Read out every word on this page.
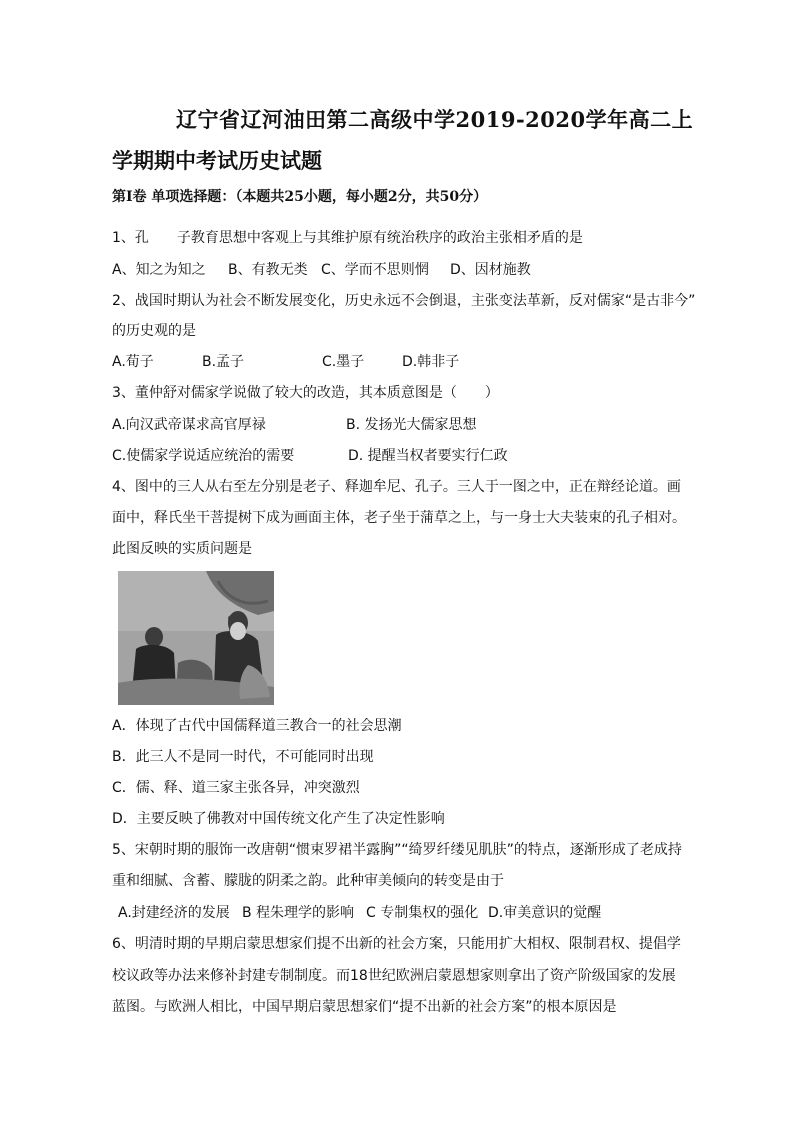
辽宁省辽河油田第二高级中学2019-2020学年高二上
学期期中考试历史试题
第Ⅰ卷 单项选择题：（本题共25小题，每小题2分，共50分）
1、孔　　子教育思想中客观上与其维护原有统治秩序的政治主张相矛盾的是
A、知之为知之 B、有教无类 C、学而不思则惘 D、因材施教
2、战国时期认为社会不断发展变化，历史永远不会倒退，主张变法革新，反对儒家“是古非今”
的历史观的是
A.荀子	B.孟子	C.墨子	D.韩非子
3、董仲舒对儒家学说做了较大的改造，其本质意图是（　　）
A.向汉武帝谋求高官厚禄	B. 发扬光大儒家思想
C.使儒家学说适应统治的需要	D. 提醒当权者要实行仁政
4、图中的三人从右至左分别是老子、释迦牟尼、孔子。三人于一图之中，正在辩经论道。画
面中，释氏坐干菩提树下成为画面主体，老子坐于蒲草之上，与一身士大夫装束的孔子相对。
此图反映的实质问题是
A．体现了古代中国儒释道三教合一的社会思潮
B．此三人不是同一时代，不可能同时出现
C．儒、释、道三家主张各异，冲突激烈
D．主要反映了佛教对中国传统文化产生了决定性影响
5、宋朝时期的服饰一改唐朝“惯束罗裙半露胸”“绮罗纤缕见肌肤”的特点，逐渐形成了老成持
重和细腻、含蓄、朦胧的阴柔之韵。此种审美倾向的转变是由于
A.封建经济的发展 B 程朱理学的影响 C 专制集权的强化 D.审美意识的觉醒
6、明清时期的早期启蒙思想家们提不出新的社会方案，只能用扩大相权、限制君权、提倡学
校议政等办法来修补封建专制制度。而18世纪欧洲启蒙恩想家则拿出了资产阶级国家的发展
蓝图。与欧洲人相比，中国早期启蒙思想家们“提不出新的社会方案”的根本原因是
